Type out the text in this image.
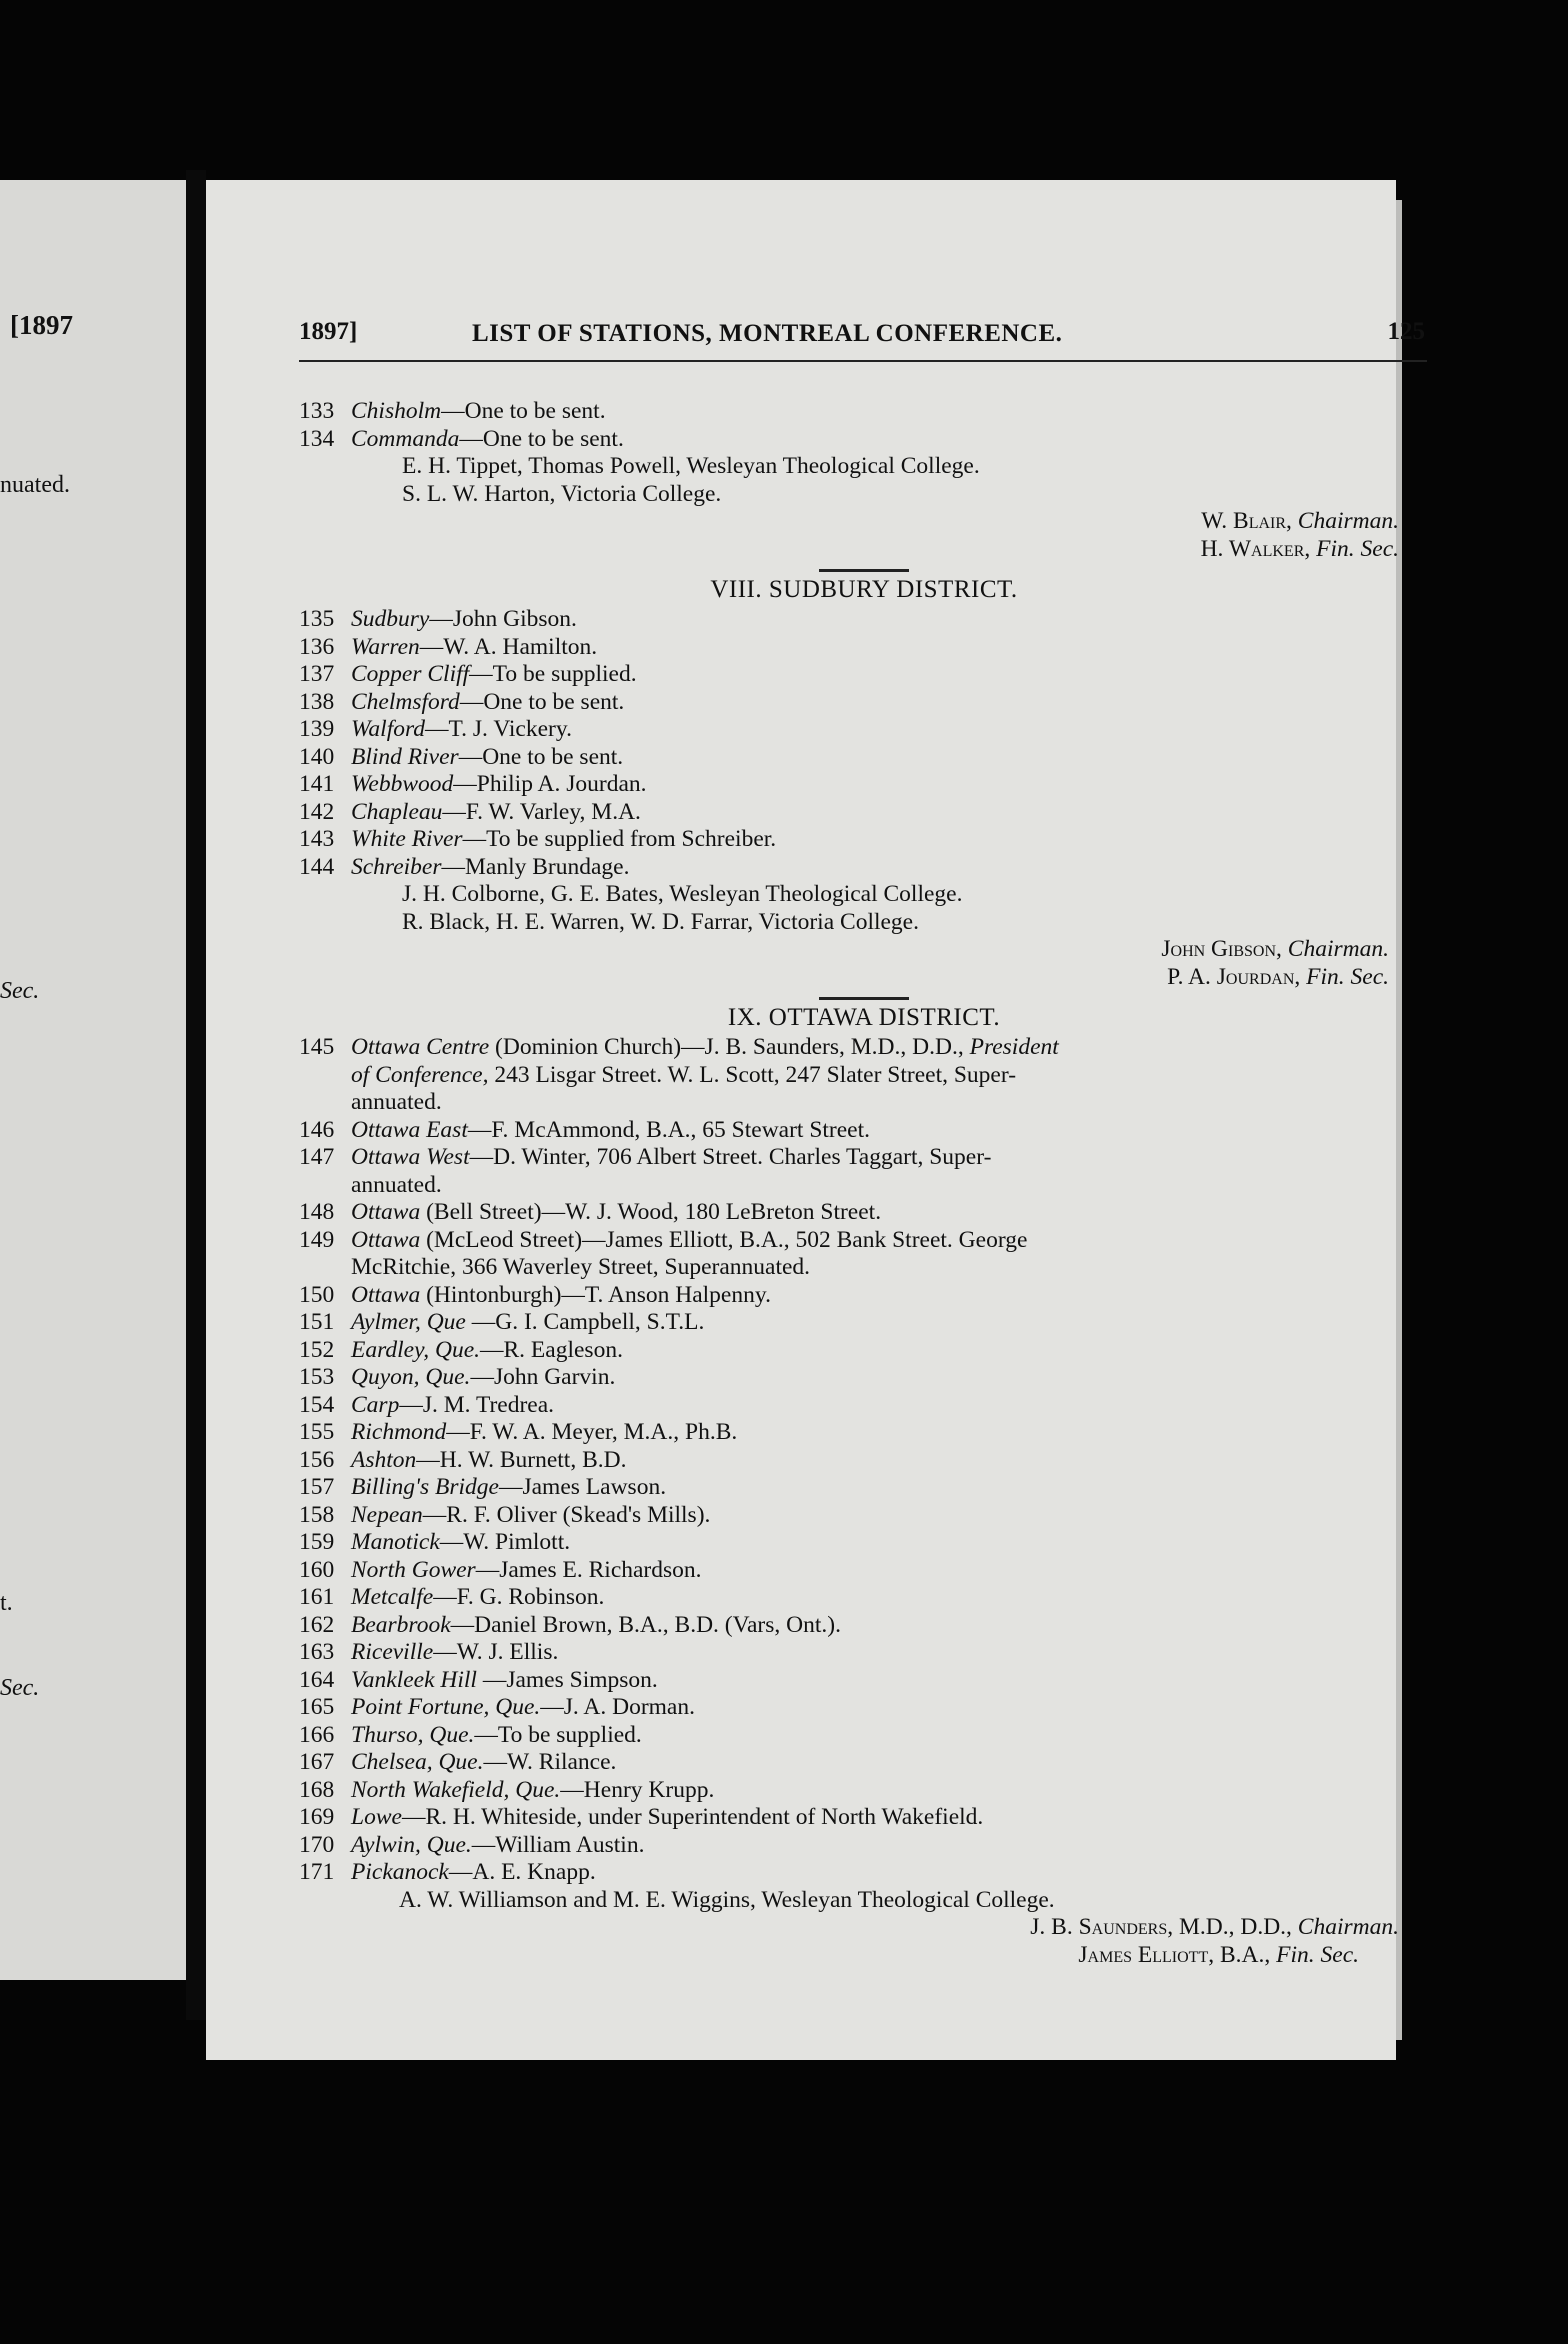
[1897
nuated.
Sec.
t.
Sec.
1897]	LIST OF STATIONS, MONTREAL CONFERENCE.	125
133 Chisholm—One to be sent.
134 Commanda—One to be sent.
E. H. Tippet, Thomas Powell, Wesleyan Theological College.
S. L. W. Harton, Victoria College.
W. Blair, Chairman.
H. Walker, Fin. Sec.
VIII. SUDBURY DISTRICT.
135 Sudbury—John Gibson.
136 Warren—W. A. Hamilton.
137 Copper Cliff—To be supplied.
138 Chelmsford—One to be sent.
139 Walford—T. J. Vickery.
140 Blind River—One to be sent.
141 Webbwood—Philip A. Jourdan.
142 Chapleau—F. W. Varley, M.A.
143 White River—To be supplied from Schreiber.
144 Schreiber—Manly Brundage.
J. H. Colborne, G. E. Bates, Wesleyan Theological College.
R. Black, H. E. Warren, W. D. Farrar, Victoria College.
John Gibson, Chairman.
P. A. Jourdan, Fin. Sec.
IX. OTTAWA DISTRICT.
145 Ottawa Centre (Dominion Church)—J. B. Saunders, M.D., D.D., President
of Conference, 243 Lisgar Street. W. L. Scott, 247 Slater Street, Super-
annuated.
146 Ottawa East—F. McAmmond, B.A., 65 Stewart Street.
147 Ottawa West—D. Winter, 706 Albert Street. Charles Taggart, Super-
annuated.
148 Ottawa (Bell Street)—W. J. Wood, 180 LeBreton Street.
149 Ottawa (McLeod Street)—James Elliott, B.A., 502 Bank Street. George
McRitchie, 366 Waverley Street, Superannuated.
150 Ottawa (Hintonburgh)—T. Anson Halpenny.
151 Aylmer, Que —G. I. Campbell, S.T.L.
152 Eardley, Que.—R. Eagleson.
153 Quyon, Que.—John Garvin.
154 Carp—J. M. Tredrea.
155 Richmond—F. W. A. Meyer, M.A., Ph.B.
156 Ashton—H. W. Burnett, B.D.
157 Billing's Bridge—James Lawson.
158 Nepean—R. F. Oliver (Skead's Mills).
159 Manotick—W. Pimlott.
160 North Gower—James E. Richardson.
161 Metcalfe—F. G. Robinson.
162 Bearbrook—Daniel Brown, B.A., B.D. (Vars, Ont.).
163 Riceville—W. J. Ellis.
164 Vankleek Hill —James Simpson.
165 Point Fortune, Que.—J. A. Dorman.
166 Thurso, Que.—To be supplied.
167 Chelsea, Que.—W. Rilance.
168 North Wakefield, Que.—Henry Krupp.
169 Lowe—R. H. Whiteside, under Superintendent of North Wakefield.
170 Aylwin, Que.—William Austin.
171 Pickanock—A. E. Knapp.
A. W. Williamson and M. E. Wiggins, Wesleyan Theological College.
J. B. Saunders, M.D., D.D., Chairman.
James Elliott, B.A., Fin. Sec.
